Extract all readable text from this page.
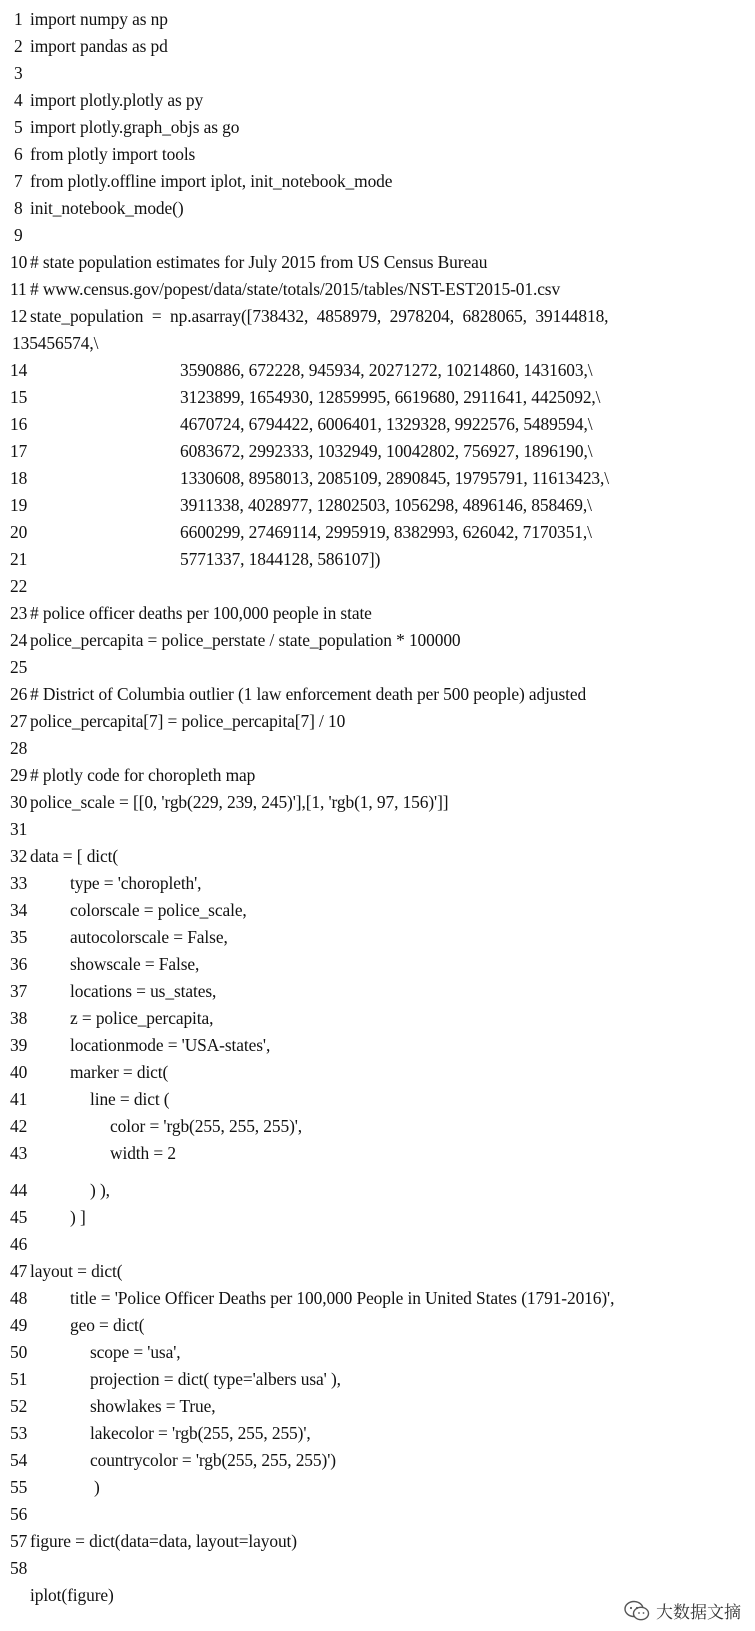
1 import numpy as np
2 import pandas as pd
3
4 import plotly.plotly as py
5 import plotly.graph_objs as go
6 from plotly import tools
7 from plotly.offline import iplot, init_notebook_mode
8 init_notebook_mode()
9
10 # state population estimates for July 2015 from US Census Bureau
11 # www.census.gov/popest/data/state/totals/2015/tables/NST-EST2015-01.csv
12 state_population  =  np.asarray([738432,  4858979,  2978204,  6828065,  39144818,
135456574,\
14	3590886, 672228, 945934, 20271272, 10214860, 1431603,\
15	3123899, 1654930, 12859995, 6619680, 2911641, 4425092,\
16	4670724, 6794422, 6006401, 1329328, 9922576, 5489594,\
17	6083672, 2992333, 1032949, 10042802, 756927, 1896190,\
18	1330608, 8958013, 2085109, 2890845, 19795791, 11613423,\
19	3911338, 4028977, 12802503, 1056298, 4896146, 858469,\
20	6600299, 27469114, 2995919, 8382993, 626042, 7170351,\
21	5771337, 1844128, 586107])
22
23 # police officer deaths per 100,000 people in state
24 police_percapita = police_perstate / state_population * 100000
25
26 # District of Columbia outlier (1 law enforcement death per 500 people) adjusted
27 police_percapita[7] = police_percapita[7] / 10
28
29 # plotly code for choropleth map
30 police_scale = [[0, 'rgb(229, 239, 245)'],[1, 'rgb(1, 97, 156)']]
31
32 data = [ dict(
33 type = 'choropleth',
34 colorscale = police_scale,
35 autocolorscale = False,
36 showscale = False,
37 locations = us_states,
38 z = police_percapita,
39 locationmode = 'USA-states',
40 marker = dict(
41	line = dict (
42	color = 'rgb(255, 255, 255)',
43	width = 2
44	) ),
45 ) ]
46
47 layout = dict(
48 title = 'Police Officer Deaths per 100,000 People in United States (1791-2016)',
49 geo = dict(
50	scope = 'usa',
51	projection = dict( type='albers usa' ),
52	showlakes = True,
53	lakecolor = 'rgb(255, 255, 255)',
54	countrycolor = 'rgb(255, 255, 255)')
55	)
56
57 figure = dict(data=data, layout=layout)
58
iplot(figure)
大数据文摘
